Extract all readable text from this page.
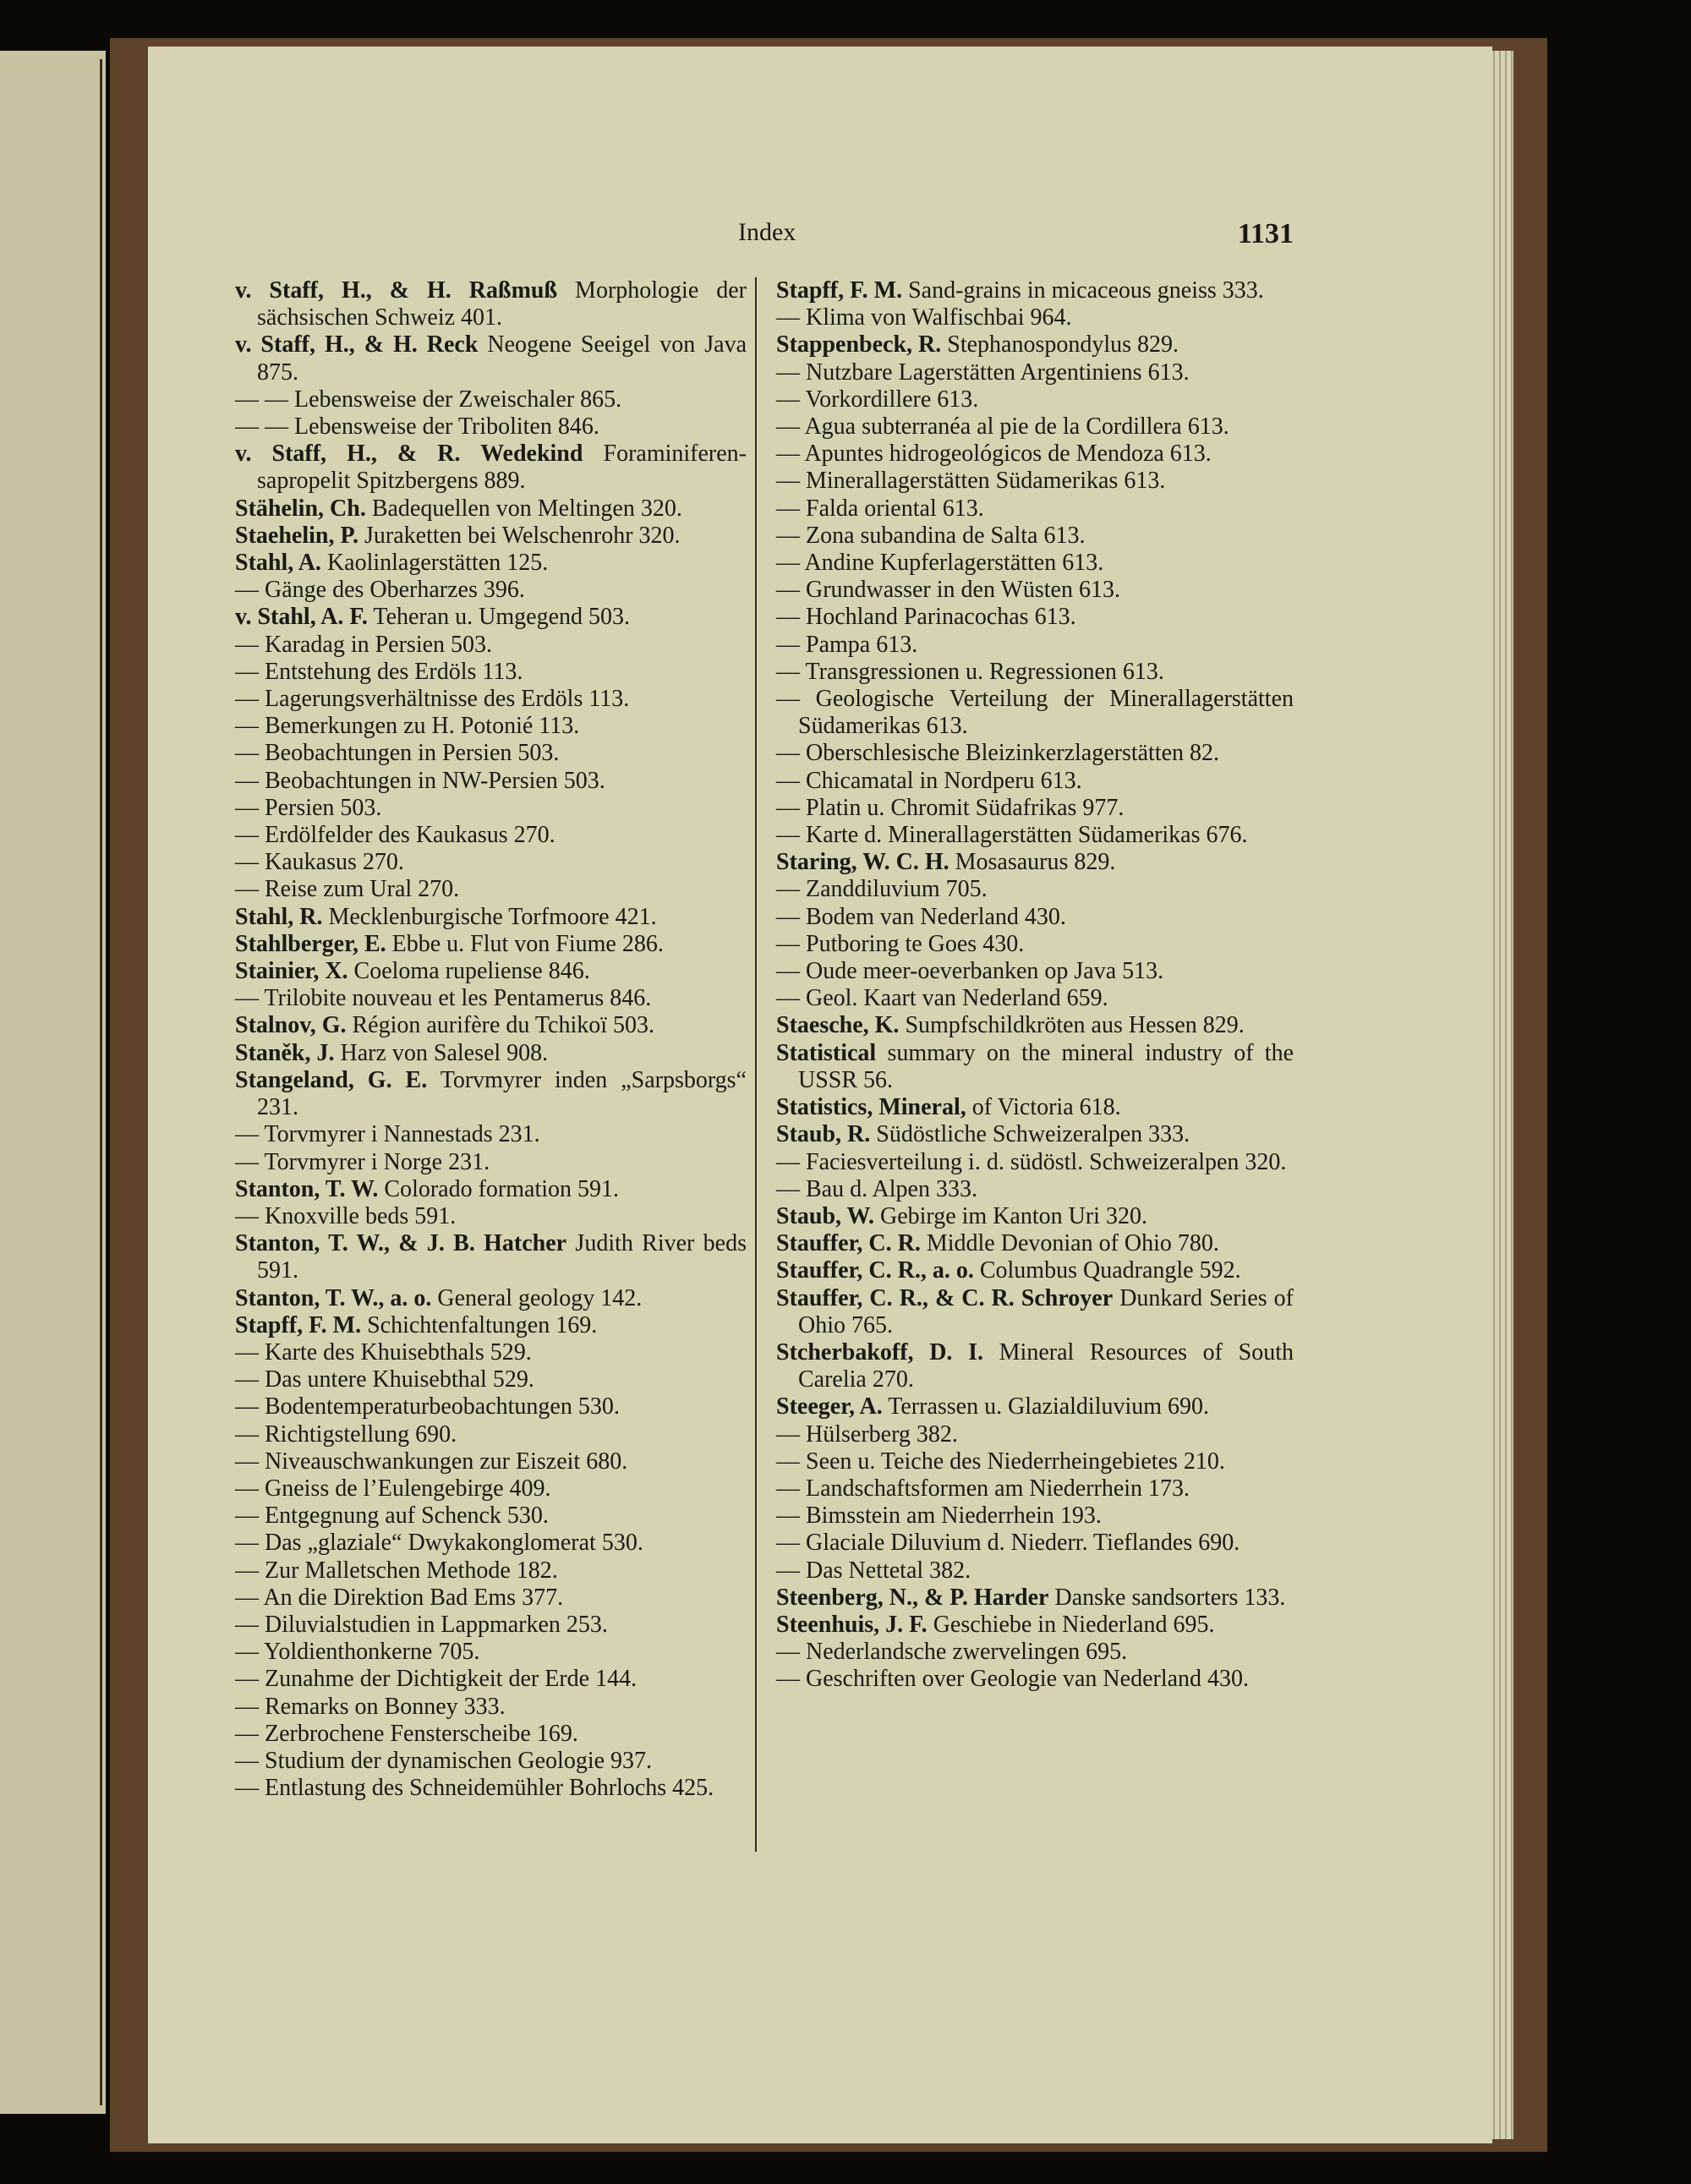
Index	1131
v. Staff, H., & H. Raßmuß Morphologie der sächsischen Schweiz 401.
v. Staff, H., & H. Reck Neogene Seeigel von Java 875.
— — Lebensweise der Zweischaler 865.
— — Lebensweise der Triboliten 846.
v. Staff, H., & R. Wedekind Foraminiferen-sapropelit Spitzbergens 889.
Stähelin, Ch. Badequellen von Meltingen 320.
Staehelin, P. Juraketten bei Welschenrohr 320.
Stahl, A. Kaolinlagerstätten 125.
— Gänge des Oberharzes 396.
v. Stahl, A. F. Teheran u. Umgegend 503.
— Karadag in Persien 503.
— Entstehung des Erdöls 113.
— Lagerungsverhältnisse des Erdöls 113.
— Bemerkungen zu H. Potonié 113.
— Beobachtungen in Persien 503.
— Beobachtungen in NW-Persien 503.
— Persien 503.
— Erdölfelder des Kaukasus 270.
— Kaukasus 270.
— Reise zum Ural 270.
Stahl, R. Mecklenburgische Torfmoore 421.
Stahlberger, E. Ebbe u. Flut von Fiume 286.
Stainier, X. Coeloma rupeliense 846.
— Trilobite nouveau et les Pentamerus 846.
Stalnov, G. Région aurifère du Tchikoï 503.
Staněk, J. Harz von Salesel 908.
Stangeland, G. E. Torvmyrer inden „Sarpsborgs“ 231.
— Torvmyrer i Nannestads 231.
— Torvmyrer i Norge 231.
Stanton, T. W. Colorado formation 591.
— Knoxville beds 591.
Stanton, T. W., & J. B. Hatcher Judith River beds 591.
Stanton, T. W., a. o. General geology 142.
Stapff, F. M. Schichtenfaltungen 169.
— Karte des Khuisebthals 529.
— Das untere Khuisebthal 529.
— Bodentemperaturbeobachtungen 530.
— Richtigstellung 690.
— Niveauschwankungen zur Eiszeit 680.
— Gneiss de l’Eulengebirge 409.
— Entgegnung auf Schenck 530.
— Das „glaziale“ Dwykakonglomerat 530.
— Zur Malletschen Methode 182.
— An die Direktion Bad Ems 377.
— Diluvialstudien in Lappmarken 253.
— Yoldienthonkerne 705.
— Zunahme der Dichtigkeit der Erde 144.
— Remarks on Bonney 333.
— Zerbrochene Fensterscheibe 169.
— Studium der dynamischen Geologie 937.
— Entlastung des Schneidemühler Bohrlochs 425.
Stapff, F. M. Sand-grains in micaceous gneiss 333.
— Klima von Walfischbai 964.
Stappenbeck, R. Stephanospondylus 829.
— Nutzbare Lagerstätten Argentiniens 613.
— Vorkordillere 613.
— Agua subterranéa al pie de la Cordillera 613.
— Apuntes hidrogeológicos de Mendoza 613.
— Minerallagerstätten Südamerikas 613.
— Falda oriental 613.
— Zona subandina de Salta 613.
— Andine Kupferlagerstätten 613.
— Grundwasser in den Wüsten 613.
— Hochland Parinacochas 613.
— Pampa 613.
— Transgressionen u. Regressionen 613.
— Geologische Verteilung der Minerallagerstätten Südamerikas 613.
— Oberschlesische Bleizinkerzlagerstätten 82.
— Chicamatal in Nordperu 613.
— Platin u. Chromit Südafrikas 977.
— Karte d. Minerallagerstätten Südamerikas 676.
Staring, W. C. H. Mosasaurus 829.
— Zanddiluvium 705.
— Bodem van Nederland 430.
— Putboring te Goes 430.
— Oude meer-oeverbanken op Java 513.
— Geol. Kaart van Nederland 659.
Staesche, K. Sumpfschildkröten aus Hessen 829.
Statistical summary on the mineral industry of the USSR 56.
Statistics, Mineral, of Victoria 618.
Staub, R. Südöstliche Schweizeralpen 333.
— Faciesverteilung i. d. südöstl. Schweizeralpen 320.
— Bau d. Alpen 333.
Staub, W. Gebirge im Kanton Uri 320.
Stauffer, C. R. Middle Devonian of Ohio 780.
Stauffer, C. R., a. o. Columbus Quadrangle 592.
Stauffer, C. R., & C. R. Schroyer Dunkard Series of Ohio 765.
Stcherbakoff, D. I. Mineral Resources of South Carelia 270.
Steeger, A. Terrassen u. Glazialdiluvium 690.
— Hülserberg 382.
— Seen u. Teiche des Niederrheingebietes 210.
— Landschaftsformen am Niederrhein 173.
— Bimsstein am Niederrhein 193.
— Glaciale Diluvium d. Niederr. Tieflandes 690.
— Das Nettetal 382.
Steenberg, N., & P. Harder Danske sandsorters 133.
Steenhuis, J. F. Geschiebe in Niederland 695.
— Nederlandsche zwervelingen 695.
— Geschriften over Geologie van Nederland 430.
